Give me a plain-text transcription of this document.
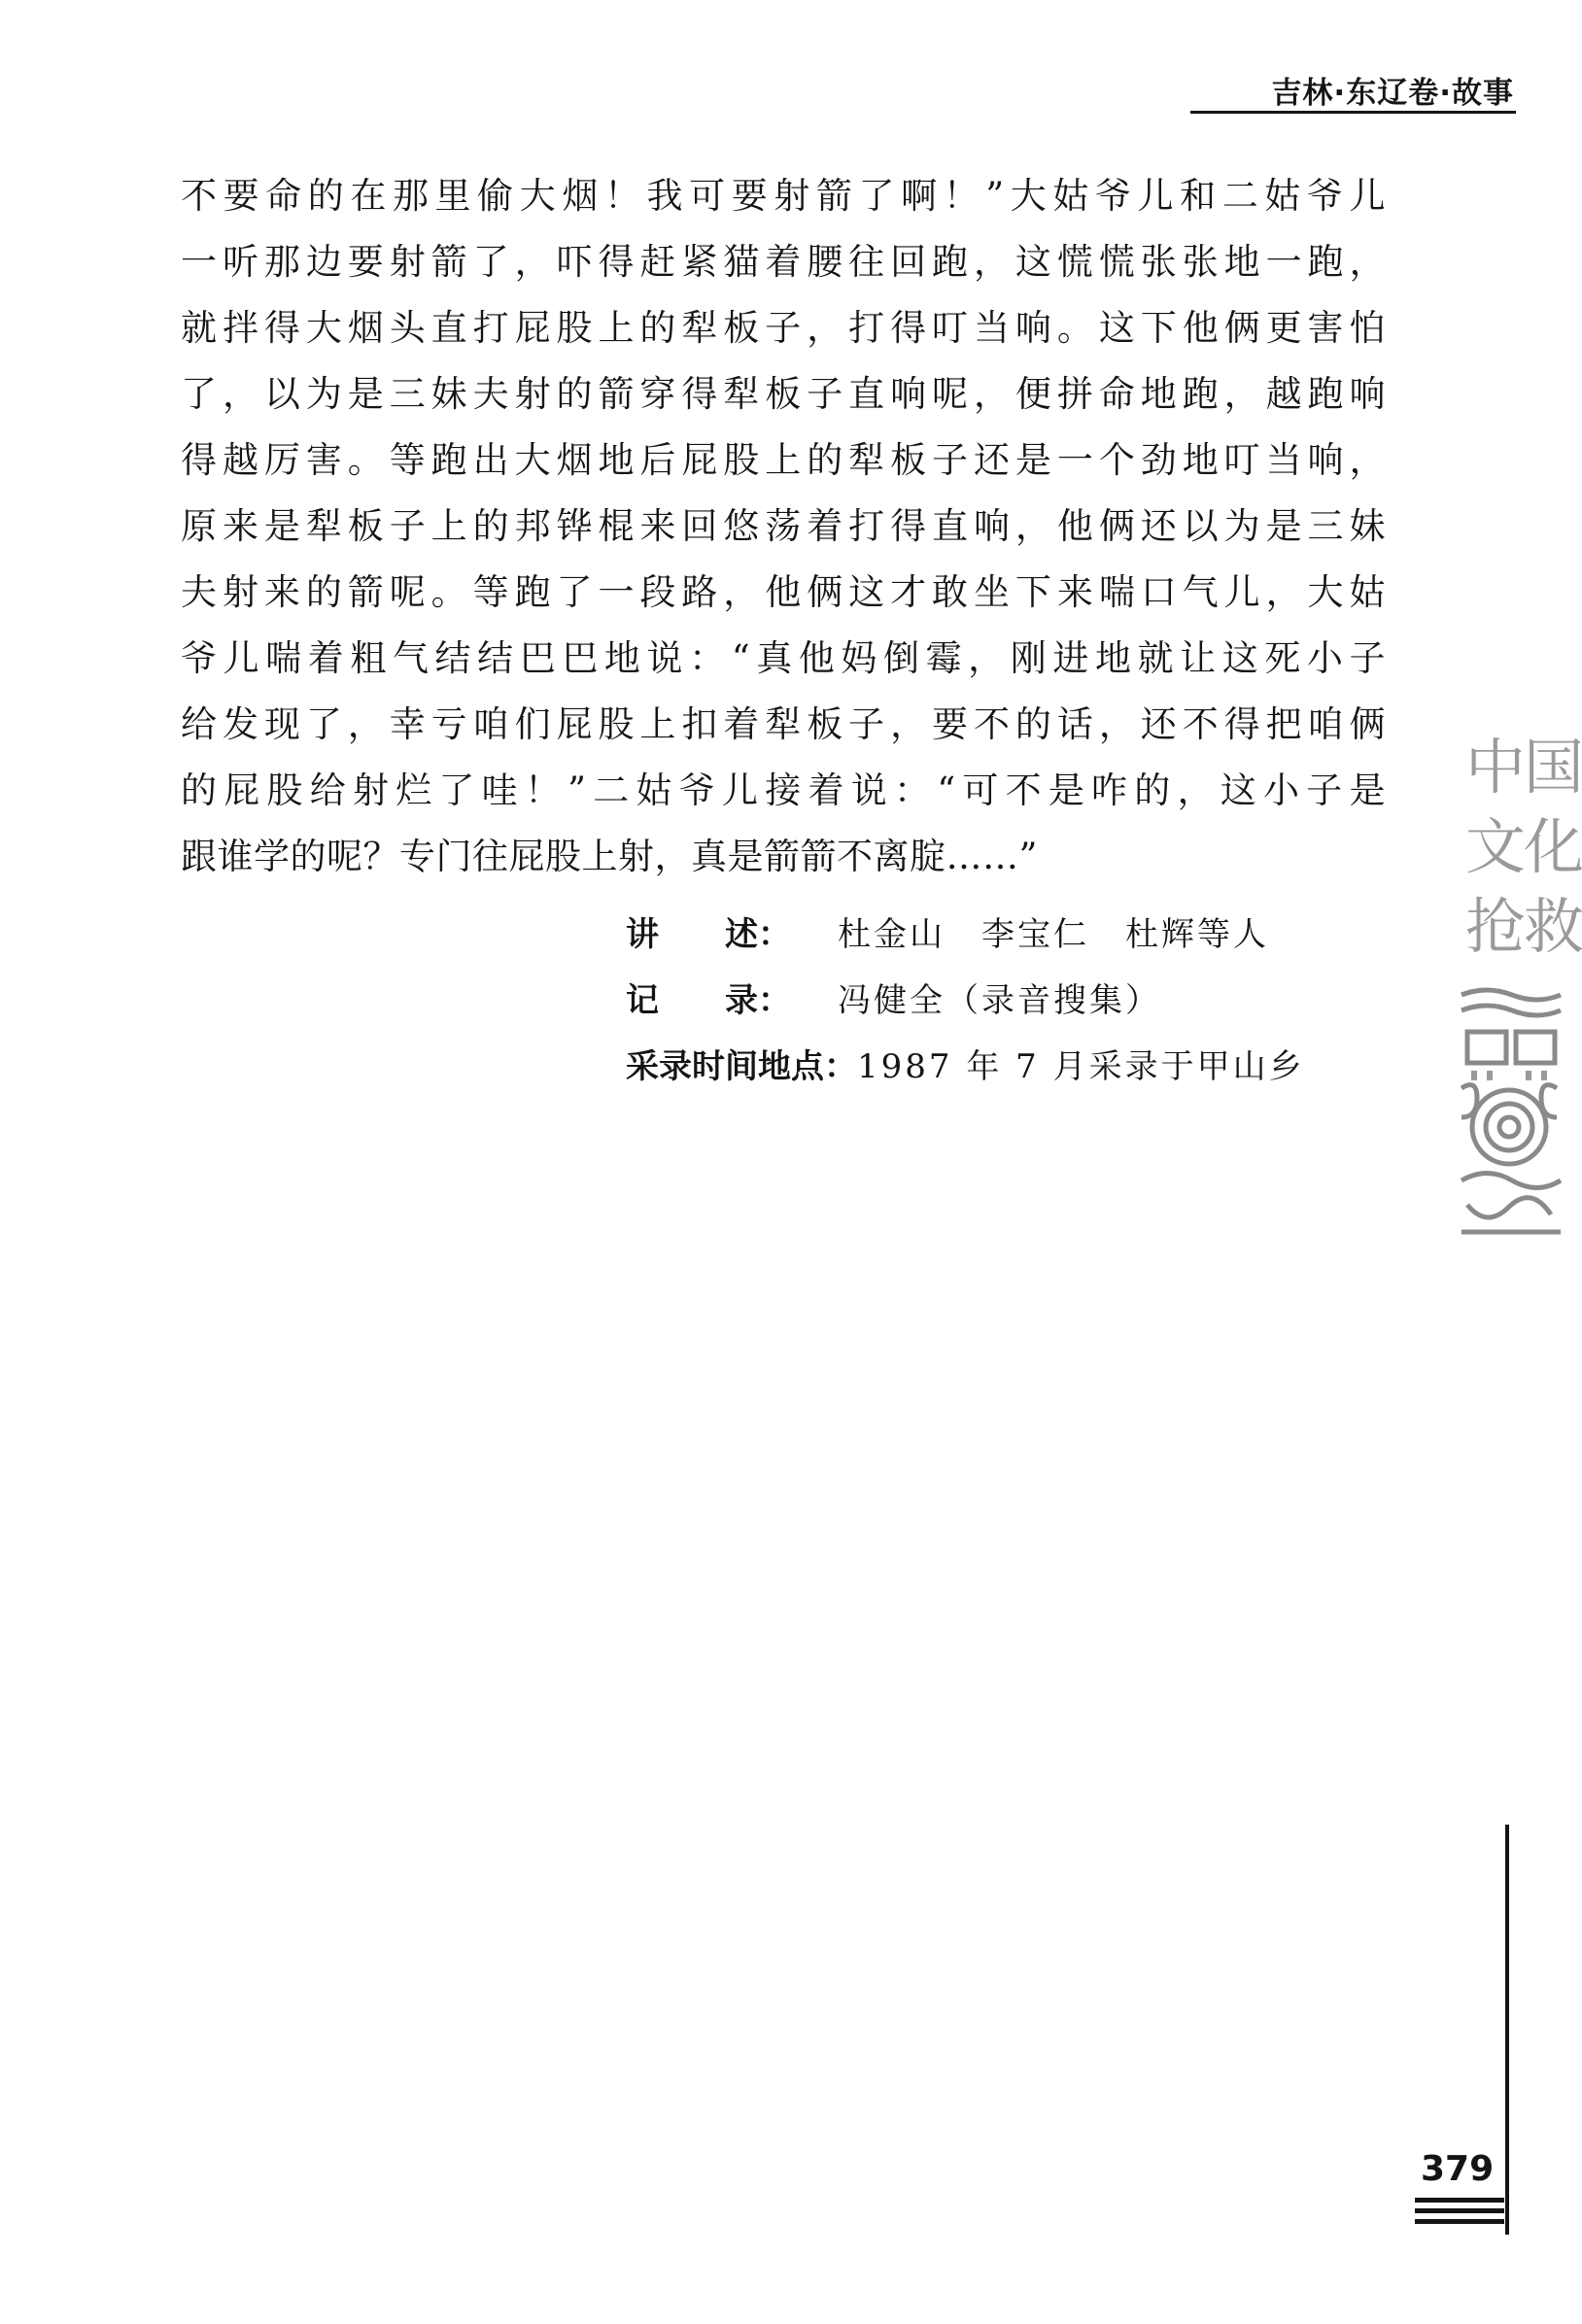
吉林·东辽卷·故事
不要命的在那里偷大烟！我可要射箭了啊！”大姑爷儿和二姑爷儿
一听那边要射箭了，吓得赶紧猫着腰往回跑，这慌慌张张地一跑，
就拌得大烟头直打屁股上的犁板子，打得叮当响。这下他俩更害怕
了，以为是三妹夫射的箭穿得犁板子直响呢，便拼命地跑，越跑响
得越厉害。等跑出大烟地后屁股上的犁板子还是一个劲地叮当响，
原来是犁板子上的邦铧棍来回悠荡着打得直响，他俩还以为是三妹
夫射来的箭呢。等跑了一段路，他俩这才敢坐下来喘口气儿，大姑
爷儿喘着粗气结结巴巴地说：“真他妈倒霉，刚进地就让这死小子
给发现了，幸亏咱们屁股上扣着犁板子，要不的话，还不得把咱俩
的屁股给射烂了哇！”二姑爷儿接着说：“可不是咋的，这小子是
跟谁学的呢？专门往屁股上射，真是箭箭不离腚……”
讲　　述： 杜金山　李宝仁　杜辉等人
记　　录： 冯健全（录音搜集）
采录时间地点：1987 年 7 月采录于甲山乡
中国
文化
抢救
379
